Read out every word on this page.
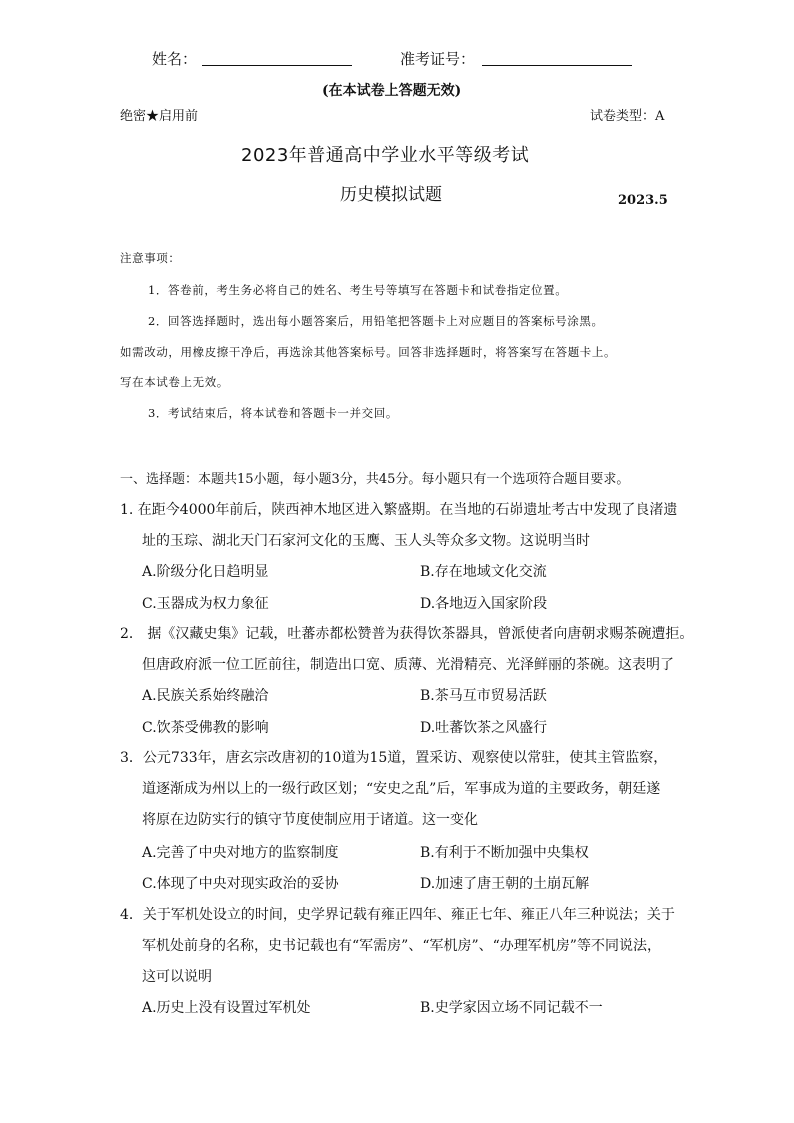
姓名：	准考证号：
(在本试卷上答题无效)
绝密★启用前	试卷类型：A
2023年普通高中学业水平等级考试
历史模拟试题	2023.5
注意事项：
1．答卷前，考生务必将自己的姓名、考生号等填写在答题卡和试卷指定位置。
2．回答选择题时，选出每小题答案后，用铅笔把答题卡上对应题目的答案标号涂黑。
如需改动，用橡皮擦干净后，再选涂其他答案标号。回答非选择题时，将答案写在答题卡上。
写在本试卷上无效。
3．考试结束后，将本试卷和答题卡一并交回。
一、选择题：本题共15小题，每小题3分，共45分。每小题只有一个选项符合题目要求。
1. 在距今4000年前后，陕西神木地区进入繁盛期。在当地的石峁遗址考古中发现了良渚遗
址的玉琮、湖北天门石家河文化的玉鹰、玉人头等众多文物。这说明当时
A.阶级分化日趋明显	B.存在地域文化交流
C.玉器成为权力象征	D.各地迈入国家阶段
2． 据《汉藏史集》记载，吐蕃赤都松赞普为获得饮茶器具，曾派使者向唐朝求赐茶碗遭拒。
但唐政府派一位工匠前往，制造出口宽、质薄、光滑精亮、光泽鲜丽的茶碗。这表明了
A.民族关系始终融洽	B.茶马互市贸易活跃
C.饮茶受佛教的影响	D.吐蕃饮茶之风盛行
3．公元733年，唐玄宗改唐初的10道为15道，置采访、观察使以常驻，使其主管监察，
道逐渐成为州以上的一级行政区划；“安史之乱”后，军事成为道的主要政务，朝廷遂
将原在边防实行的镇守节度使制应用于诸道。这一变化
A.完善了中央对地方的监察制度	B.有利于不断加强中央集权
C.体现了中央对现实政治的妥协	D.加速了唐王朝的土崩瓦解
4．关于军机处设立的时间，史学界记载有雍正四年、雍正七年、雍正八年三种说法；关于
军机处前身的名称，史书记载也有“军需房”、“军机房”、“办理军机房”等不同说法，
这可以说明
A.历史上没有设置过军机处	B.史学家因立场不同记载不一
